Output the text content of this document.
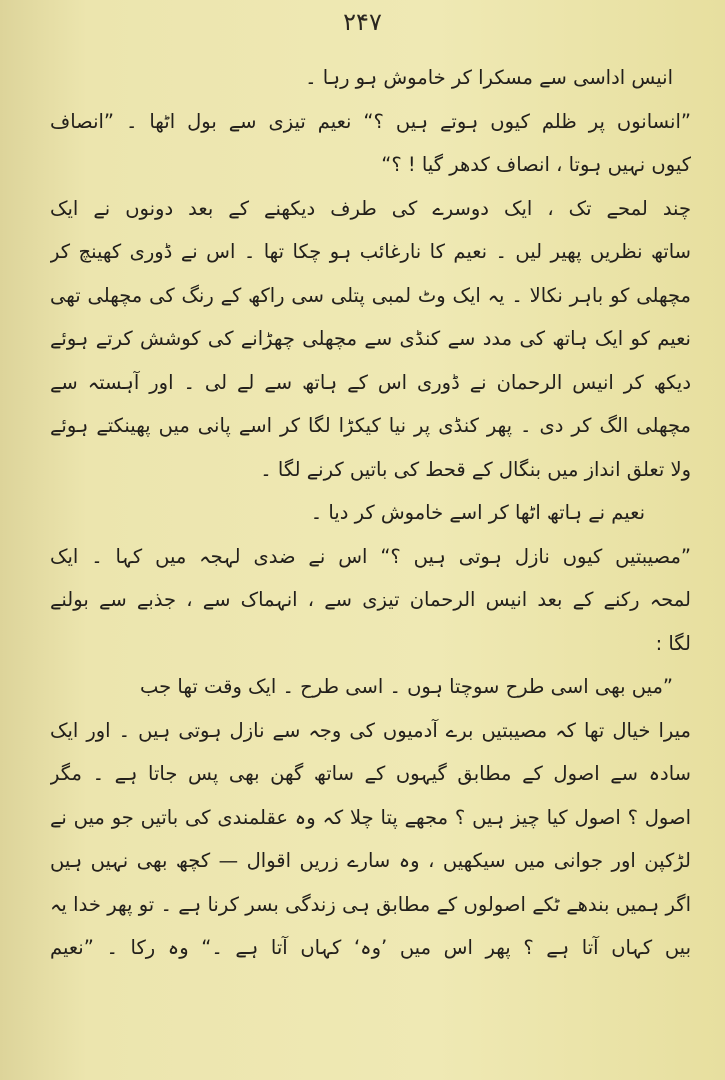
۲۴۷
انیس اداسی سے مسکرا کر خاموش ہو رہا ۔
”انسانوں پر ظلم کیوں ہوتے ہیں ؟“ نعیم تیزی سے بول اٹھا ۔ ”انصاف
کیوں نہیں ہوتا ، انصاف کدھر گیا ! ؟“
چند لمحے تک ، ایک دوسرے کی طرف دیکھنے کے بعد دونوں نے ایک
ساتھ نظریں پھیر لیں ۔ نعیم کا نارغائب ہو چکا تھا ۔ اس نے ڈوری کھینچ کر
مچھلی کو باہر نکالا ۔ یہ ایک وٹ لمبی پتلی سی راکھ کے رنگ کی مچھلی تھی
نعیم کو ایک ہاتھ کی مدد سے کنڈی سے مچھلی چھڑانے کی کوشش کرتے ہوئے
دیکھ کر انیس الرحمان نے ڈوری اس کے ہاتھ سے لے لی ۔ اور آہستہ سے
مچھلی الگ کر دی ۔ پھر کنڈی پر نیا کیکڑا لگا کر اسے پانی میں پھینکتے ہوئے
ولا تعلق انداز میں بنگال کے قحط کی باتیں کرنے لگا ۔
نعیم نے ہاتھ اٹھا کر اسے خاموش کر دیا ۔
”مصیبتیں کیوں نازل ہوتی ہیں ؟“ اس نے ضدی لہجہ میں کہا ۔ ایک
لمحہ رکنے کے بعد انیس الرحمان تیزی سے ، انہماک سے ، جذبے سے بولنے
لگا :
”میں بھی اسی طرح سوچتا ہوں ۔ اسی طرح ۔ ایک وقت تھا جب
میرا خیال تھا کہ مصیبتیں برے آدمیوں کی وجہ سے نازل ہوتی ہیں ۔ اور ایک
سادہ سے اصول کے مطابق گیہوں کے ساتھ گھن بھی پس جاتا ہے ۔ مگر
اصول ؟ اصول کیا چیز ہیں ؟ مجھے پتا چلا کہ وہ عقلمندی کی باتیں جو میں نے
لڑکپن اور جوانی میں سیکھیں ، وہ سارے زریں اقوال — کچھ بھی نہیں ہیں
اگر ہمیں بندھے ٹکے اصولوں کے مطابق ہی زندگی بسر کرنا ہے ۔ تو پھر خدا یہ
بیں کہاں آتا ہے ؟ پھر اس میں ’وہ‘ کہاں آتا ہے ۔“ وہ رکا ۔ ”نعیم
